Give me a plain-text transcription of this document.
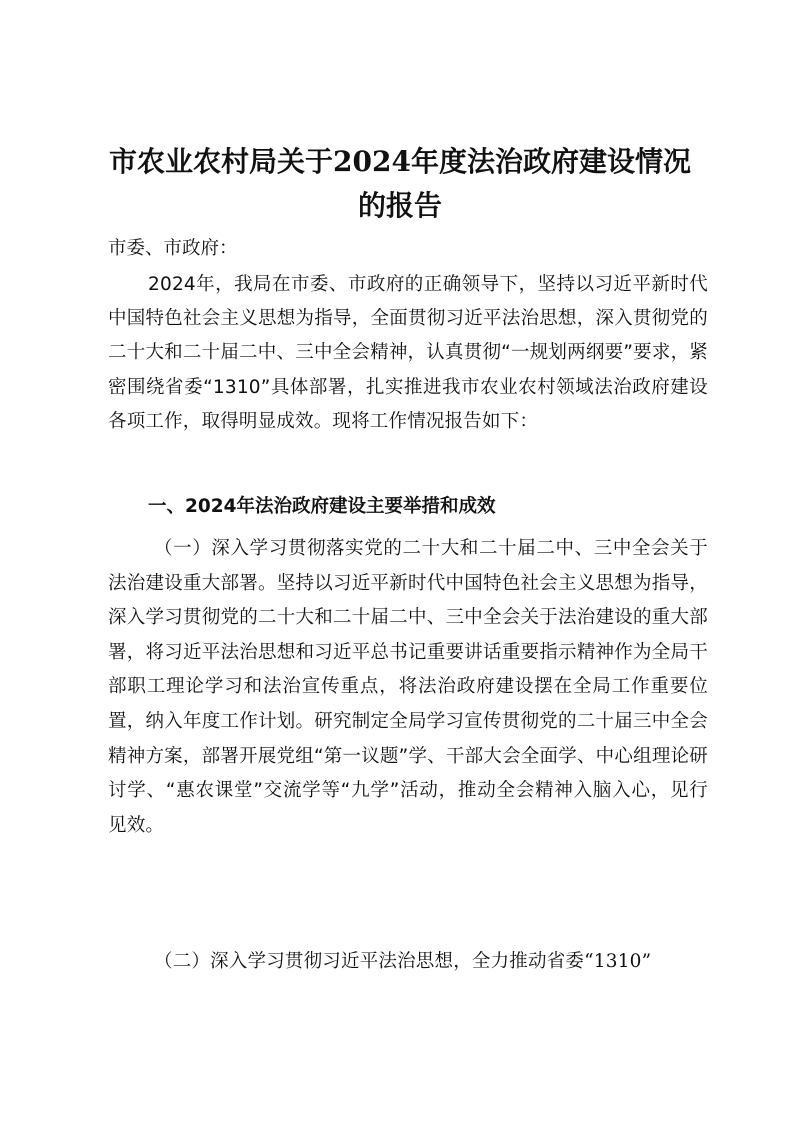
市农业农村局关于2024年度法治政府建设情况的报告

市委、市政府：

2024年，我局在市委、市政府的正确领导下，坚持以习近平新时代中国特色社会主义思想为指导，全面贯彻习近平法治思想，深入贯彻党的二十大和二十届二中、三中全会精神，认真贯彻“一规划两纲要”要求，紧密围绕省委“1310”具体部署，扎实推进我市农业农村领域法治政府建设各项工作，取得明显成效。现将工作情况报告如下：

一、2024年法治政府建设主要举措和成效

（一）深入学习贯彻落实党的二十大和二十届二中、三中全会关于法治建设重大部署。坚持以习近平新时代中国特色社会主义思想为指导，深入学习贯彻党的二十大和二十届二中、三中全会关于法治建设的重大部署，将习近平法治思想和习近平总书记重要讲话重要指示精神作为全局干部职工理论学习和法治宣传重点，将法治政府建设摆在全局工作重要位置，纳入年度工作计划。研究制定全局学习宣传贯彻党的二十届三中全会精神方案，部署开展党组“第一议题”学、干部大会全面学、中心组理论研讨学、“惠农课堂”交流学等“九学”活动，推动全会精神入脑入心，见行见效。

（二）深入学习贯彻习近平法治思想，全力推动省委“1310”
